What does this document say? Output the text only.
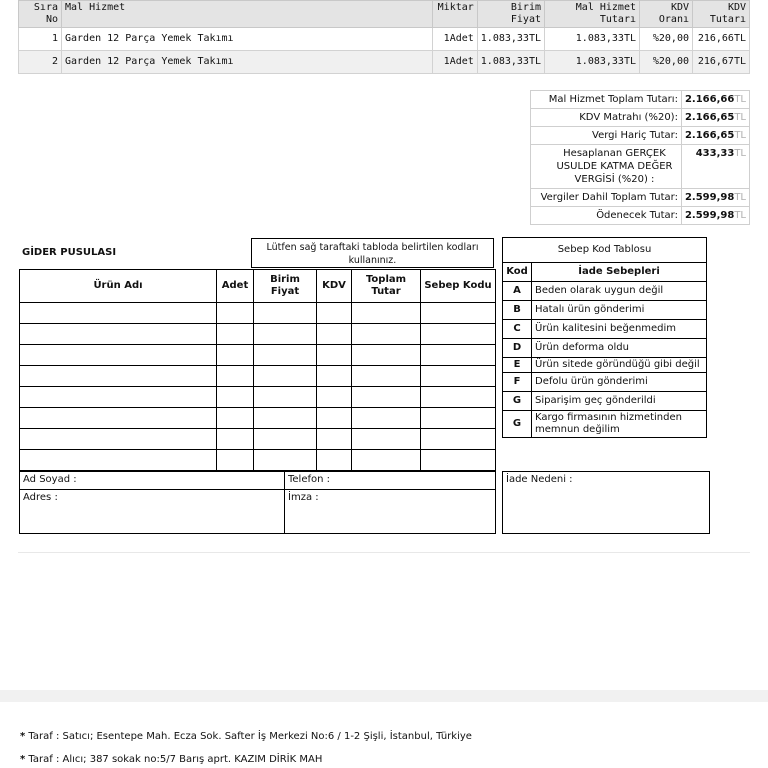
Sıra No	Mal Hizmet	Miktar	Birim Fiyat	Mal Hizmet Tutarı	KDV Oranı	KDV Tutarı
1	Garden 12 Parça Yemek Takımı	1Adet	1.083,33TL	1.083,33TL	%20,00	216,66TL
2	Garden 12 Parça Yemek Takımı	1Adet	1.083,33TL	1.083,33TL	%20,00	216,67TL
Mal Hizmet Toplam Tutarı:	2.166,66TL
KDV Matrahı (%20):	2.166,65TL
Vergi Hariç Tutar:	2.166,65TL
Hesaplanan GERÇEK USULDE KATMA DEĞER VERGİSİ (%20) :	433,33TL
Vergiler Dahil Toplam Tutar:	2.599,98TL
Ödenecek Tutar:	2.599,98TL
GİDER PUSULASI	Lütfen sağ taraftaki tabloda belirtilen kodları kullanınız.
Ürün Adı	Adet	Birim Fiyat	KDV	Toplam Tutar	Sebep Kodu

Sebep Kod Tablosu	
Kod	İade Sebepleri
A	Beden olarak uygun değil
B	Hatalı ürün gönderimi
C	Ürün kalitesini beğenmedim
D	Ürün deforma oldu
E	Ürün sitede göründüğü gibi değil
F	Defolu ürün gönderimi
G	Siparişim geç gönderildi
G	Kargo firmasının hizmetinden memnun değilim
Ad Soyad :	Telefon :
Adres :	İmza :
İade Nedeni :
* Taraf : Satıcı; Esentepe Mah. Ecza Sok. Safter İş Merkezi No:6 / 1-2 Şişli, İstanbul, Türkiye
* Taraf : Alıcı; 387 sokak no:5/7 Barış aprt. KAZIM DİRİK MAH
